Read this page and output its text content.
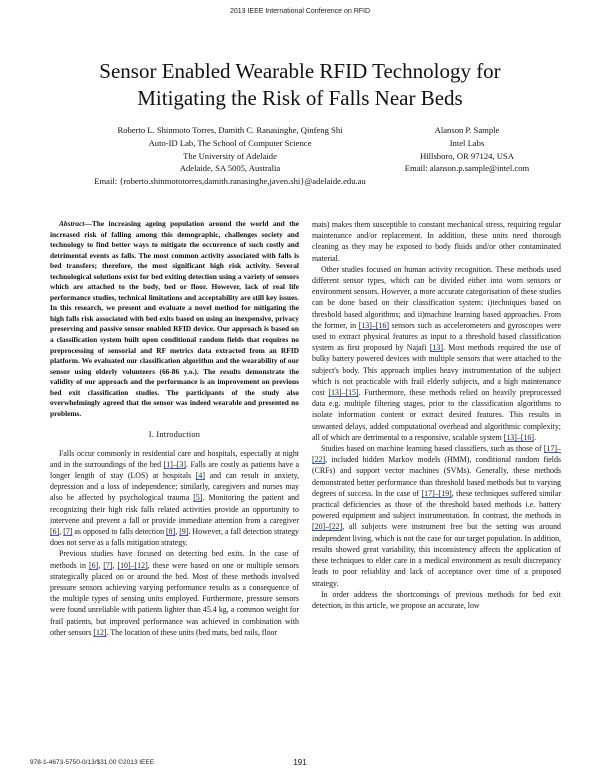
2013 IEEE International Conference on RFID
Sensor Enabled Wearable RFID Technology for
Mitigating the Risk of Falls Near Beds
Roberto L. Shinmoto Torres, Damith C. Ranasinghe, Qinfeng Shi
Auto-ID Lab, The School of Computer Science
The University of Adelaide
Adelaide, SA 5005, Australia
Email: {roberto.shinmototorres,damith.ranasinghe,javen.shi}@adelaide.edu.au
Alanson P. Sample
Intel Labs
Hillsboro, OR 97124, USA
Email: alanson.p.sample@intel.com

Abstract—The increasing ageing population around the world and the increased risk of falling among this demographic, challenges society and technology to find better ways to mitigate the occurrence of such costly and detrimental events as falls. The most common activity associated with falls is bed transfers; therefore, the most significant high risk activity. Several technological solutions exist for bed exiting detection using a variety of sensors which are attached to the body, bed or floor. However, lack of real life performance studies, technical limitations and acceptability are still key issues. In this research, we present and evaluate a novel method for mitigating the high falls risk associated with bed exits based on using an inexpensive, privacy preserving and passive sensor enabled RFID device. Our approach is based on a classification system built upon conditional random fields that requires no preprocessing of sensorial and RF metrics data extracted from an RFID platform. We evaluated our classification algorithm and the wearability of our sensor using elderly volunteers (66-86 y.o.). The results demonstrate the validity of our approach and the performance is an improvement on previous bed exit classification studies. The participants of the study also overwhelmingly agreed that the sensor was indeed wearable and presented no problems.

I. Introduction

Falls occur commonly in residential care and hospitals, especially at night and in the surroundings of the bed [1]–[3]. Falls are costly as patients have a longer length of stay (LOS) at hospitals [4] and can result in anxiety, depression and a loss of independence; similarly, caregivers and nurses may also be affected by psychological trauma [5]. Monitoring the patient and recognizing their high risk falls related activities provide an opportunity to intervene and prevent a fall or provide immediate attention from a caregiver [6], [7] as opposed to falls detection [8], [9]. However, a fall detection strategy does not serve as a falls mitigation strategy.

Previous studies have focused on detecting bed exits. In the case of methods in [6], [7], [10]–[12], these were based on one or multiple sensors strategically placed on or around the bed. Most of these methods involved pressure sensors achieving varying performance results as a consequence of the multiple types of sensing units employed. Furthermore, pressure sensors were found unreliable with patients lighter than 45.4 kg, a common weight for frail patients, but improved performance was achieved in combination with other sensors [12]. The location of these units (bed mats, bed rails, floor

mats) makes them susceptible to constant mechanical stress, requiring regular maintenance and/or replacement. In addition, these units need thorough cleaning as they may be exposed to body fluids and/or other contaminated material.

Other studies focused on human activity recognition. These methods used different sensor types, which can be divided either into worn sensors or environment sensors. However, a more accurate categorisation of these studies can be done based on their classification system: i)techniques based on threshold based algorithms; and ii)machine learning based approaches. From the former, in [13]–[16] sensors such as accelerometers and gyroscopes were used to extract physical features as input to a threshold based classification system as first proposed by Najafi [13]. Most methods required the use of bulky battery powered devices with multiple sensors that were attached to the subject's body. This approach implies heavy instrumentation of the subject which is not practicable with frail elderly subjects, and a high maintenance cost [13]–[15]. Furthermore, these methods relied on heavily preprocessed data e.g. multiple filtering stages, prior to the classification algorithms to isolate information content or extract desired features. This results in unwanted delays, added computational overhead and algorithmic complexity; all of which are detrimental to a responsive, scalable system [13]–[16].

Studies based on machine learning based classifiers, such as those of [17]–[22], included hidden Markov models (HMM), conditional random fields (CRFs) and support vector machines (SVMs). Generally, these methods demonstrated better performance than threshold based methods but to varying degrees of success. In the case of [17]–[19], these techniques suffered similar practical deficiencies as those of the threshold based methods i.e. battery powered equipment and subject instrumentation. In contrast, the methods in [20]–[22], all subjects were instrument free but the setting was around independent living, which is not the case for our target population. In addition, results showed great variability, this inconsistency affects the application of these techniques to elder care in a medical environment as result discrepancy leads to poor reliablity and lack of acceptance over time of a proposed strategy.

In order address the shortcomings of previous methods for bed exit detection, in this article, we propose an accurate, low

978-1-4673-5750-0/13/$31.00 ©2013 IEEE	191
